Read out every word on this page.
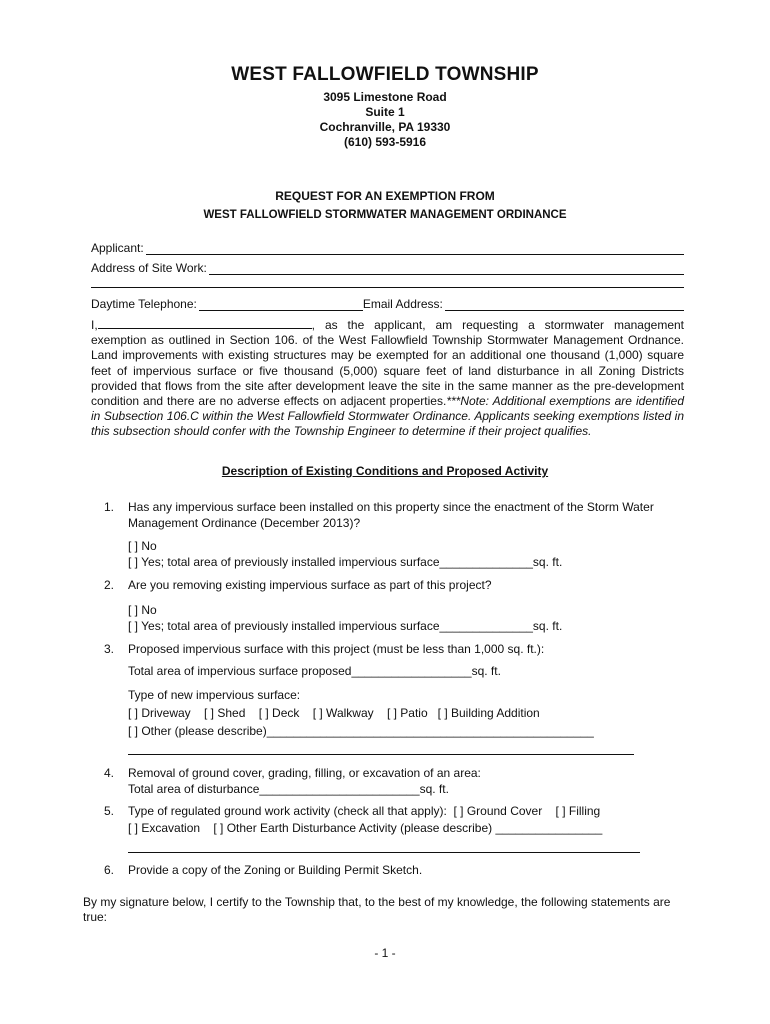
WEST FALLOWFIELD TOWNSHIP
3095 Limestone Road
Suite 1
Cochranville, PA 19330
(610) 593-5916
REQUEST FOR AN EXEMPTION FROM
WEST FALLOWFIELD STORMWATER MANAGEMENT ORDINANCE
Applicant:
Address of Site Work:
Daytime Telephone:	Email Address:
I,	, as the applicant, am requesting a stormwater management exemption as outlined in Section 106. of the West Fallowfield Township Stormwater Management Ordnance. Land improvements with existing structures may be exempted for an additional one thousand (1,000) square feet of impervious surface or five thousand (5,000) square feet of land disturbance in all Zoning Districts provided that flows from the site after development leave the site in the same manner as the pre-development condition and there are no adverse effects on adjacent properties.***Note: Additional exemptions are identified in Subsection 106.C within the West Fallowfield Stormwater Ordinance. Applicants seeking exemptions listed in this subsection should confer with the Township Engineer to determine if their project qualifies.
Description of Existing Conditions and Proposed Activity
1. Has any impervious surface been installed on this property since the enactment of the Storm Water Management Ordinance (December 2013)?
[ ] No
[ ] Yes; total area of previously installed impervious surface______________sq. ft.
2. Are you removing existing impervious surface as part of this project?
[ ] No
[ ] Yes; total area of previously installed impervious surface______________sq. ft.
3. Proposed impervious surface with this project (must be less than 1,000 sq. ft.):
Total area of impervious surface proposed__________________sq. ft.
Type of new impervious surface:
[ ] Driveway    [ ] Shed    [ ] Deck    [ ] Walkway    [ ] Patio   [ ] Building Addition
[ ] Other (please describe)_________________________________________________
4. Removal of ground cover, grading, filling, or excavation of an area:
Total area of disturbance________________________sq. ft.
5. Type of regulated ground work activity (check all that apply):  [ ] Ground Cover    [ ] Filling
[ ] Excavation    [ ] Other Earth Disturbance Activity (please describe) ________________
6. Provide a copy of the Zoning or Building Permit Sketch.
By my signature below, I certify to the Township that, to the best of my knowledge, the following statements are true:
- 1 -
